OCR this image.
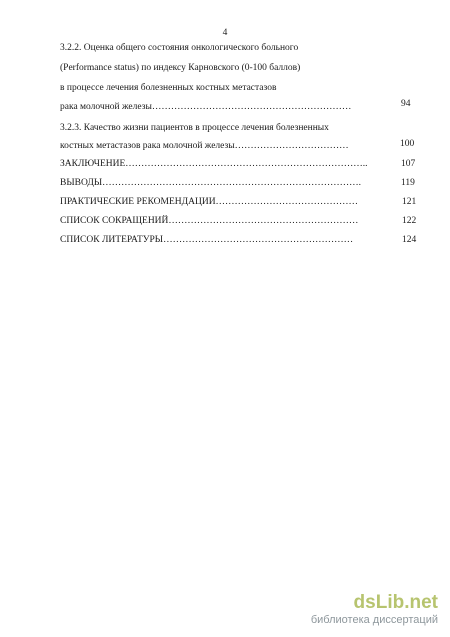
4
3.2.2. Оценка общего состояния онкологического больного
(Performance status) по индексу Карновского (0-100 баллов)
в процессе лечения болезненных костных метастазов
рака молочной железы………………………………………………………	94
3.2.3. Качество жизни пациентов в процессе лечения болезненных
костных метастазов рака молочной железы………………………………	100
ЗАКЛЮЧЕНИЕ…………………………………………………………………..	107
ВЫВОДЫ……………………………………………………………………….	119
ПРАКТИЧЕСКИЕ РЕКОМЕНДАЦИИ………………………………………	121
СПИСОК СОКРАЩЕНИЙ……………………………………………………	122
СПИСОК ЛИТЕРАТУРЫ……………………………………………………	124
dsLib.net
библиотека диссертаций
